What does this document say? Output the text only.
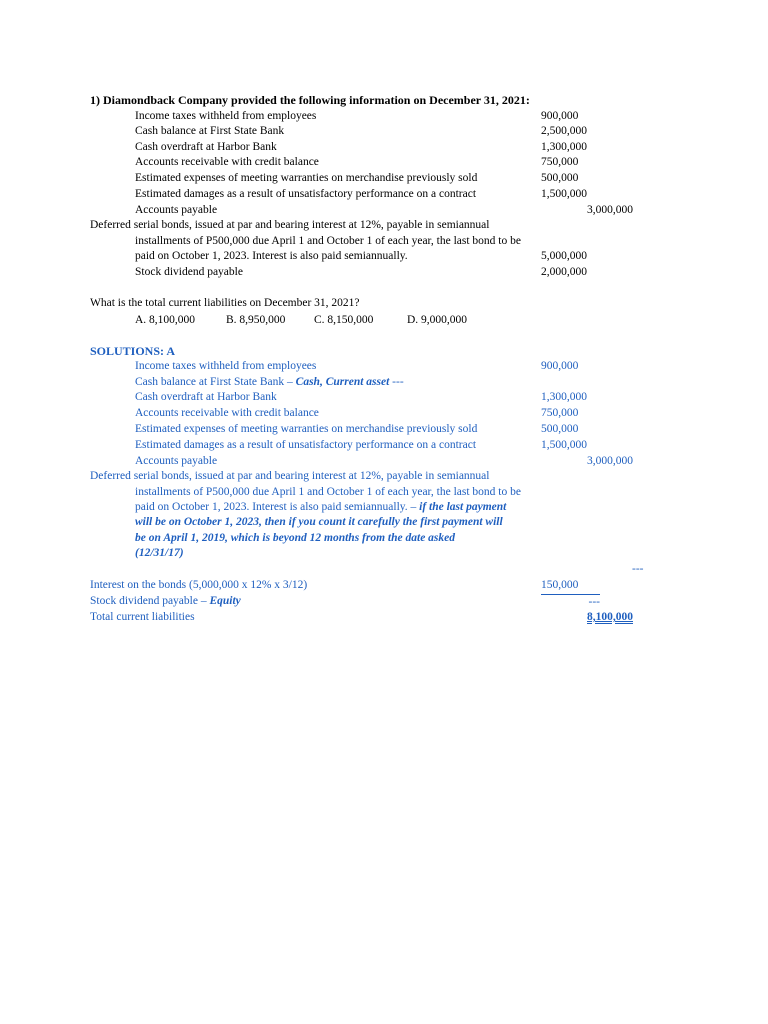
1) Diamondback Company provided the following information on December 31, 2021:
Income taxes withheld from employees	900,000
Cash balance at First State Bank	2,500,000
Cash overdraft at Harbor Bank	1,300,000
Accounts receivable with credit balance	750,000
Estimated expenses of meeting warranties on merchandise previously sold	500,000
Estimated damages as a result of unsatisfactory performance on a contract	1,500,000
Accounts payable	3,000,000
Deferred serial bonds, issued at par and bearing interest at 12%, payable in semiannual
installments of P500,000 due April 1 and October 1 of each year, the last bond to be
paid on October 1, 2023. Interest is also paid semiannually.	5,000,000
Stock dividend payable	2,000,000
What is the total current liabilities on December 31, 2021?
A. 8,100,000	B. 8,950,000 C. 8,150,000	D. 9,000,000
SOLUTIONS: A
Income taxes withheld from employees	900,000
Cash balance at First State Bank – Cash, Current asset ---
Cash overdraft at Harbor Bank	1,300,000
Accounts receivable with credit balance	750,000
Estimated expenses of meeting warranties on merchandise previously sold	500,000
Estimated damages as a result of unsatisfactory performance on a contract	1,500,000
Accounts payable	3,000,000
Deferred serial bonds, issued at par and bearing interest at 12%, payable in semiannual
installments of P500,000 due April 1 and October 1 of each year, the last bond to be
paid on October 1, 2023. Interest is also paid semiannually. – if the last payment
will be on October 1, 2023, then if you count it carefully the first payment will
be on April 1, 2019, which is beyond 12 months from the date asked
(12/31/17)
---
Interest on the bonds (5,000,000 x 12% x 3/12)	150,000
Stock dividend payable – Equity	---
Total current liabilities	8,100,000
